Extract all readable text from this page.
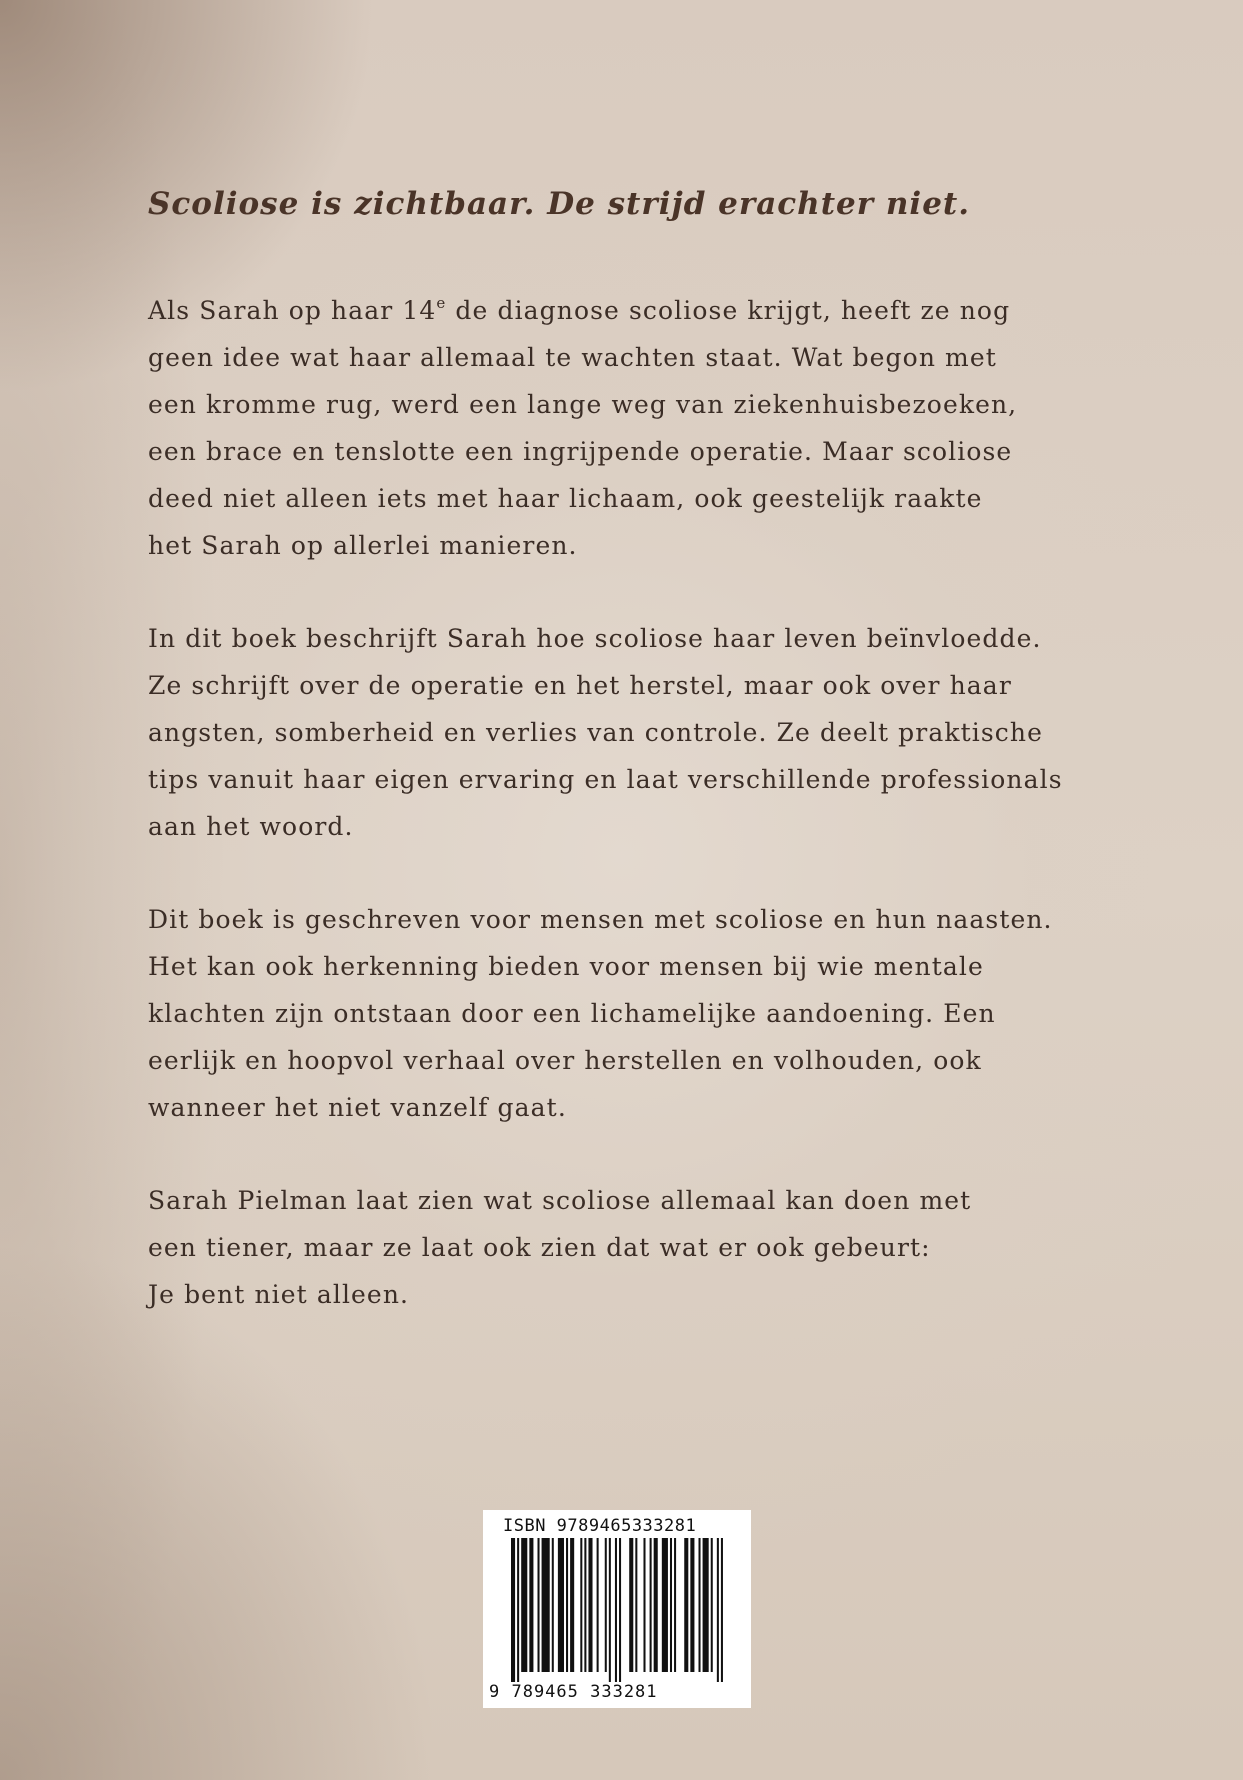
Scoliose is zichtbaar. De strijd erachter niet.
Als Sarah op haar 14e de diagnose scoliose krijgt, heeft ze nog
geen idee wat haar allemaal te wachten staat. Wat begon met
een kromme rug, werd een lange weg van ziekenhuisbezoeken,
een brace en tenslotte een ingrijpende operatie. Maar scoliose
deed niet alleen iets met haar lichaam, ook geestelijk raakte
het Sarah op allerlei manieren.
In dit boek beschrijft Sarah hoe scoliose haar leven beïnvloedde.
Ze schrijft over de operatie en het herstel, maar ook over haar
angsten, somberheid en verlies van controle. Ze deelt praktische
tips vanuit haar eigen ervaring en laat verschillende professionals
aan het woord.
Dit boek is geschreven voor mensen met scoliose en hun naasten.
Het kan ook herkenning bieden voor mensen bij wie mentale
klachten zijn ontstaan door een lichamelijke aandoening. Een
eerlijk en hoopvol verhaal over herstellen en volhouden, ook
wanneer het niet vanzelf gaat.
Sarah Pielman laat zien wat scoliose allemaal kan doen met
een tiener, maar ze laat ook zien dat wat er ook gebeurt:
Je bent niet alleen.
ISBN 9789465333281
9 789465 333281
